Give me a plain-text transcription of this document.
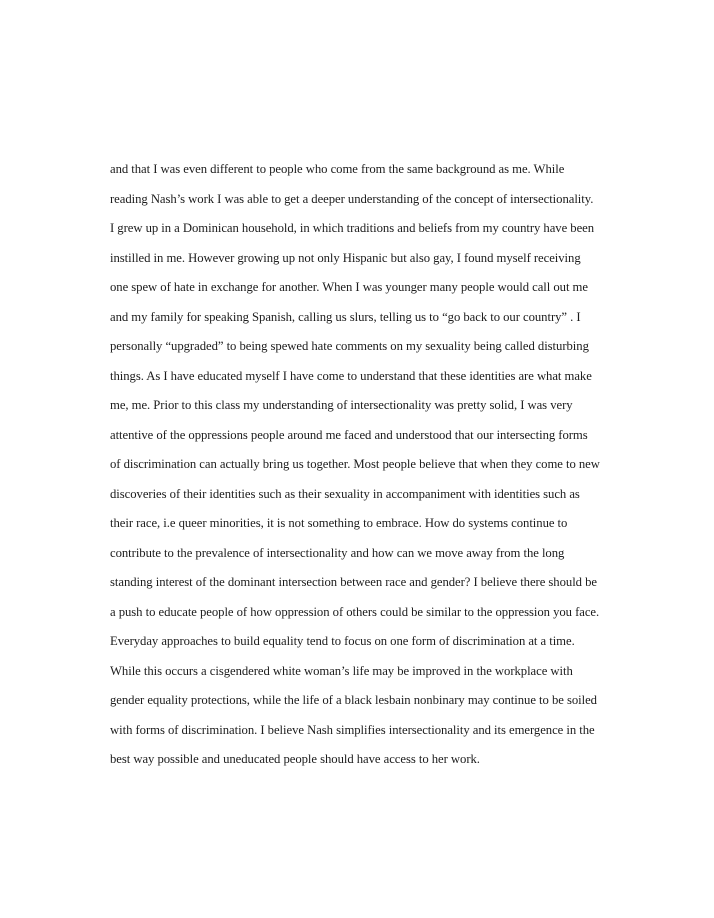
and that I was even different to people who come from the same background as me. While
reading Nash’s work I was able to get a deeper understanding of the concept of intersectionality.
I grew up in a Dominican household, in which traditions and beliefs from my country have been
instilled in me. However growing up not only Hispanic but also gay, I found myself receiving
one spew of hate in exchange for another. When I was younger many people would call out me
and my family for speaking Spanish, calling us slurs, telling us to “go back to our country” . I
personally “upgraded” to being spewed hate comments on my sexuality being called disturbing
things. As I have educated myself I have come to understand that these identities are what make
me, me. Prior to this class my understanding of intersectionality was pretty solid, I was very
attentive of the oppressions people around me faced and understood that our intersecting forms
of discrimination can actually bring us together. Most people believe that when they come to new
discoveries of their identities such as their sexuality in accompaniment with identities such as
their race, i.e queer minorities, it is not something to embrace. How do systems continue to
contribute to the prevalence of intersectionality and how can we move away from the long
standing interest of the dominant intersection between race and gender? I believe there should be
a push to educate people of how oppression of others could be similar to the oppression you face.
Everyday approaches to build equality tend to focus on one form of discrimination at a time.
While this occurs a cisgendered white woman’s life may be improved in the workplace with
gender equality protections, while the life of a black lesbain nonbinary may continue to be soiled
with forms of discrimination. I believe Nash simplifies intersectionality and its emergence in the
best way possible and uneducated people should have access to her work.
